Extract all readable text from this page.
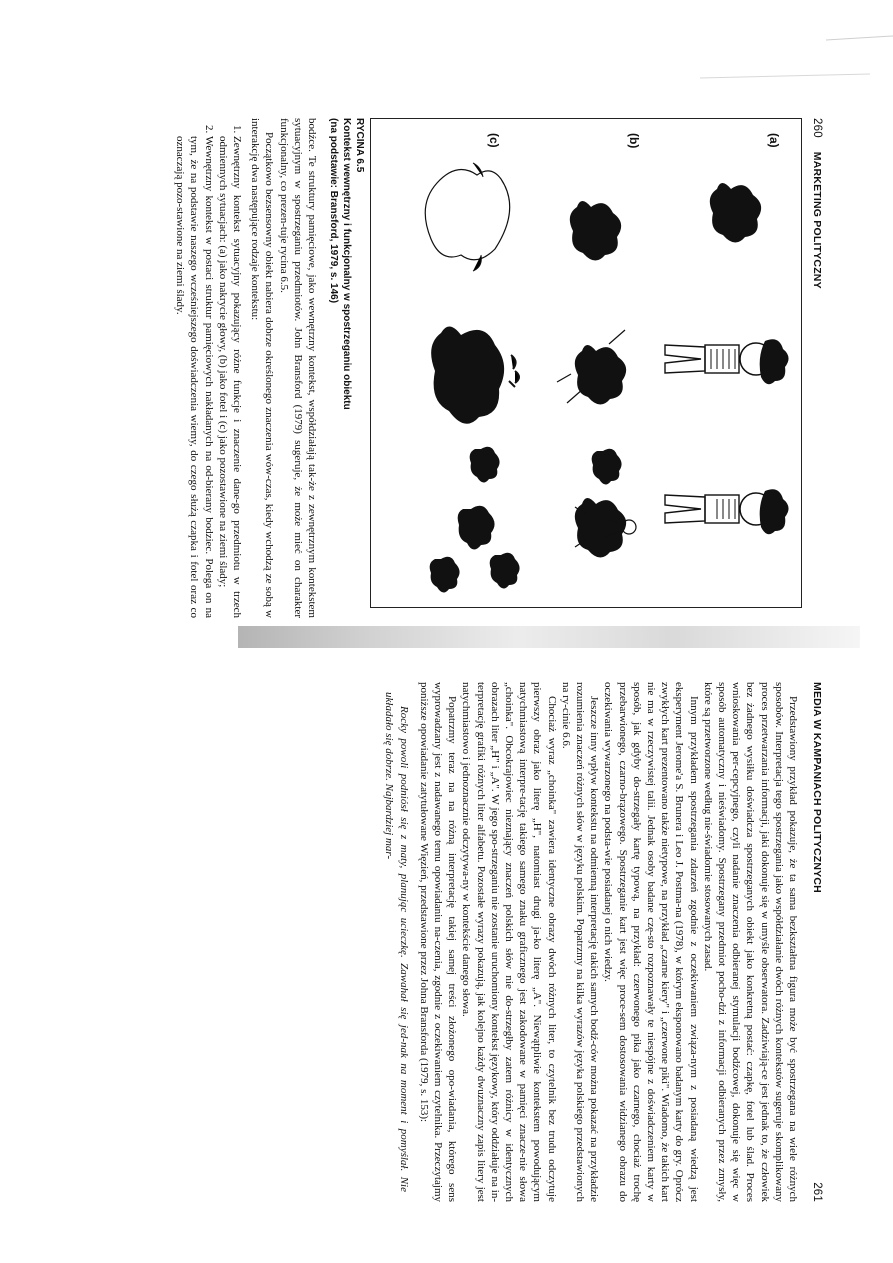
260
MARKETING POLITYCZNY
(a)
(b)
(c)
RYCINA 6.5
Kontekst wewnętrzny i funkcjonalny w spostrzeganiu obiektu
(na podstawie: Bransford, 1979, s. 146)

bodźce. Te struktury pamięciowe, jako wewnętrzny kontekst, współdziałają tak-że z zewnętrznym kontekstem sytuacyjnym w spostrzeganiu przedmiotów. John Bransford (1979) sugeruje, że może mieć on charakter funkcjonalny, co prezen-tuje rycina 6.5.

Początkowo bezsensowny obiekt nabiera dobrze określonego znaczenia wów-czas, kiedy wchodzą ze sobą w interakcję dwa następujące rodzaje kontekstu:

1. Zewnętrzny kontekst sytuacyjny pokazujący różne funkcje i znaczenie dane-go przedmiotu w trzech odmiennych sytuacjach: (a) jako nakrycie głowy, (b) jako fotel i (c) jako pozostawione na ziemi ślady;
2. Wewnętrzny kontekst w postaci struktur pamięciowych nakładanych na od-bierany bodziec. Polega on na tym, że na podstawie naszego wcześniejszego doświadczenia wiemy, do czego służą czapka i fotel oraz co oznaczają pozo-stawione na ziemi ślady.
MEDIA W KAMPANIACH POLITYCZNYCH
261

Przedstawiony przykład pokazuje, że ta sama bezkształtna figura może być spostrzegana na wiele różnych sposobów. Interpretacja tego spostrzegania jako współdziałanie dwóch różnych kontekstów sugeruje skomplikowany proces przetwarzania informacji, jaki dokonuje się w umyśle obserwatora. Zadziwiają-ce jest jednak to, że człowiek bez żadnego wysiłku doświadcza spostrzeganych obiekt jako konkretną postać: czapkę, fotel lub ślad. Proces wnioskowania per-cepcyjnego, czyli nadanie znaczenia odbieranej stymulacji bodźcowej, dokonuje się więc w sposób automatyczny i nieświadomy. Spostrzegany przedmiot pocho-dzi z informacji odbieranych przez zmysły, które są przetworzone według nie-świadomie stosowanych zasad.

Innym przykładem spostrzegania zdarzeń zgodnie z oczekiwaniem związa-nym z posiadaną wiedzą jest eksperyment Jerome'a S. Brunera i Leo J. Postma-na (1978), w którym eksponowano badanym karty do gry. Oprócz zwykłych kart prezentowano także nietypowe, na przykład „czarne kiery" i „czerwone piki". Wiadomo, że takich kart nie ma w rzeczywistej talii. Jednak osoby badane czę-sto rozpoznawały te niespójne z doświadczeniem karty w sposób, jak gdyby do-strzegały kartę typową, na przykład: czerwonego pika jako czarnego, chociaż trochę przebarwionego, czarno-brązowego. Spostrzeganie kart jest więc proce-sem dostosowania widzianego obrazu do oczekiwania wywarzonego na podsta-wie posiadanej o nich wiedzy.

Jeszcze inny wpływ kontekstu na odmienną interpretację takich samych bodź-ców można pokazać na przykładzie rozumienia znaczeń różnych słów w języku polskim. Popatrzmy na kilka wyrazów języka polskiego przedstawionych na ry-cinie 6.6.

Chociaż wyraz „choinka" zawiera identyczne obrazy dwóch różnych liter, to czytelnik bez trudu odczytuje pierwszy obraz jako literę „H", natomiast drugi ja-ko literę „A". Niewątpliwie kontekstem powodującym natychmiastową interpre-tację takiego samego znaku graficznego jest zakodowane w pamięci znacze-nie słowa „choinka". Obcokrajowiec nieznający znaczeń polskich słów nie do-strzegłby zatem różnicy w identycznych obrazach liter „H" i „A". W jego spo-strzeganiu nie zostanie uruchomiony kontekst językowy, który oddziałuje na in-terpretację grafiki różnych liter alfabetu. Pozostałe wyrazy pokazują, jak kolejno każdy dwuznaczny zapis litery jest natychmiastowo i jednoznacznie odczytywa-ny w kontekście danego słowa.

Popatrzmy teraz na na różną interpretację takiej samej treści złożonego opo-wiadania, którego sens wyprowadzany jest z nadawanego temu opowiadaniu na-czenia, zgodnie z oczekiwaniem czytelnika. Przeczytajmy poniższe opowiadanie zatytułowane Więzień, przedstawione przez Johna Bransforda (1979, s. 153):

Rocky powoli podniósł się z maty, planując ucieczkę. Zawahał się jed-nak na moment i pomyślał. Nie układało się dobrze. Najbardziej mar-
